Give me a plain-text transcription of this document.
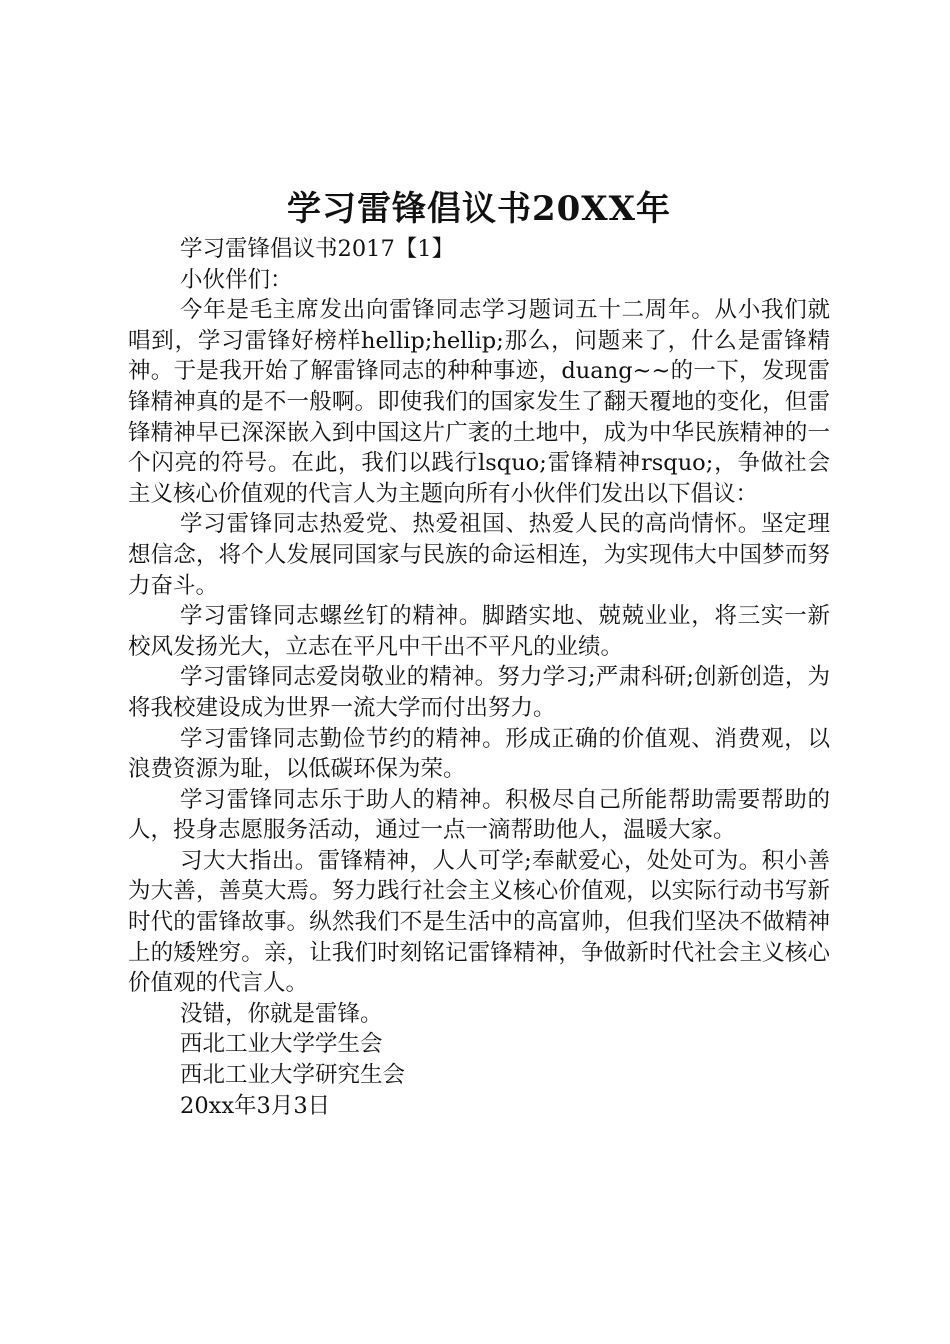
学习雷锋倡议书20XX年

学习雷锋倡议书2017【1】

小伙伴们：

今年是毛主席发出向雷锋同志学习题词五十二周年。从小我们就唱到，学习雷锋好榜样hellip;hellip;那么，问题来了，什么是雷锋精神。于是我开始了解雷锋同志的种种事迹，duang~~的一下，发现雷锋精神真的是不一般啊。即使我们的国家发生了翻天覆地的变化，但雷锋精神早已深深嵌入到中国这片广袤的土地中，成为中华民族精神的一个闪亮的符号。在此，我们以践行lsquo;雷锋精神rsquo;，争做社会主义核心价值观的代言人为主题向所有小伙伴们发出以下倡议：

学习雷锋同志热爱党、热爱祖国、热爱人民的高尚情怀。坚定理想信念，将个人发展同国家与民族的命运相连，为实现伟大中国梦而努力奋斗。

学习雷锋同志螺丝钉的精神。脚踏实地、兢兢业业，将三实一新校风发扬光大，立志在平凡中干出不平凡的业绩。

学习雷锋同志爱岗敬业的精神。努力学习;严肃科研;创新创造，为将我校建设成为世界一流大学而付出努力。

学习雷锋同志勤俭节约的精神。形成正确的价值观、消费观，以浪费资源为耻，以低碳环保为荣。

学习雷锋同志乐于助人的精神。积极尽自己所能帮助需要帮助的人，投身志愿服务活动，通过一点一滴帮助他人，温暖大家。

习大大指出。雷锋精神，人人可学;奉献爱心，处处可为。积小善为大善，善莫大焉。努力践行社会主义核心价值观，以实际行动书写新时代的雷锋故事。纵然我们不是生活中的高富帅，但我们坚决不做精神上的矮矬穷。亲，让我们时刻铭记雷锋精神，争做新时代社会主义核心价值观的代言人。

没错，你就是雷锋。

西北工业大学学生会

西北工业大学研究生会

20xx年3月3日
